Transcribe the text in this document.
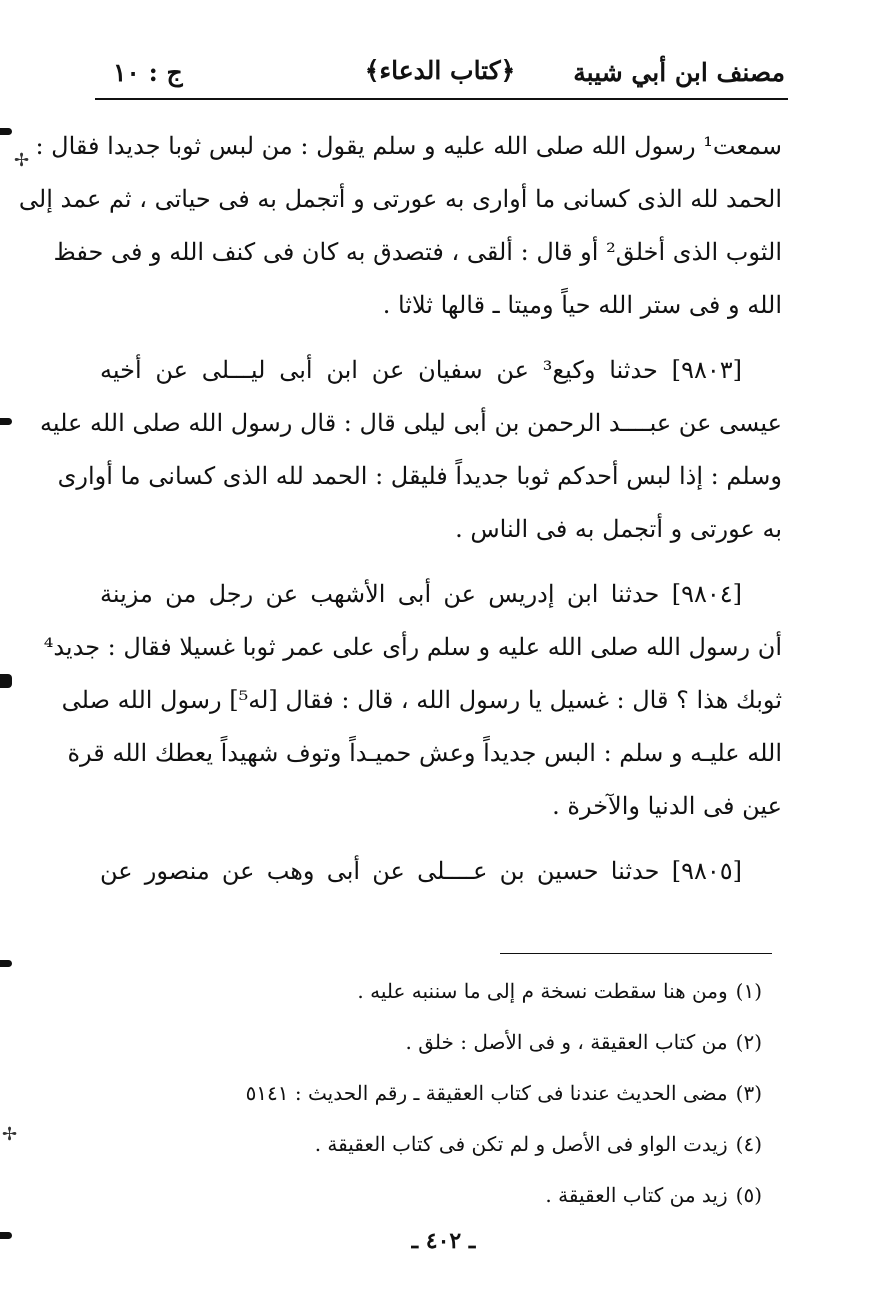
✢
✢
مصنف ابن أبي شيبة
﴿كتاب الدعاء﴾
ج : ١٠

سمعت¹ رسول الله صلى الله عليه و سلم يقول : من لبس ثوبا جديدا فقال :
الحمد لله الذى كسانى ما أوارى به عورتى و أتجمل به فى حياتى ، ثم عمد إلى
الثوب الذى أخلق² أو قال : ألقى ، فتصدق به كان فى كنف الله و فى حفظ
الله و فى ستر الله حياً وميتا ـ قالها ثلاثا .

[٩٨٠٣] حدثنا وكيع³ عن سفيان عن ابن أبى ليـــلى عن أخيه
عيسى عن عبــــد الرحمن بن أبى ليلى قال : قال رسول الله صلى الله عليه
وسلم : إذا لبس أحدكم ثوبا جديداً فليقل : الحمد لله الذى كسانى ما أوارى
به عورتى و أتجمل به فى الناس .

[٩٨٠٤] حدثنا ابن إدريس عن أبى الأشهب عن رجل من مزينة
أن رسول الله صلى الله عليه و سلم رأى على عمر ثوبا غسيلا فقال : جديد⁴
ثوبك هذا ؟ قال : غسيل يا رسول الله ، قال : فقال [له⁵] رسول الله صلى
الله عليـه و سلم : البس جديداً وعش حميـداً وتوف شهيداً يعطك الله قرة
عين فى الدنيا والآخرة .

[٩٨٠٥] حدثنا حسين بن عــــلى عن أبى وهب عن منصور عن

(١)ومن هنا سقطت نسخة م إلى ما سننبه عليه .
(٢)من كتاب العقيقة ، و فى الأصل : خلق .
(٣)مضى الحديث عندنا فى كتاب العقيقة ـ رقم الحديث : ٥١٤١
(٤)زيدت الواو فى الأصل و لم تكن فى كتاب العقيقة .
(٥)زيد من كتاب العقيقة .
ـ ٤٠٢ ـ
